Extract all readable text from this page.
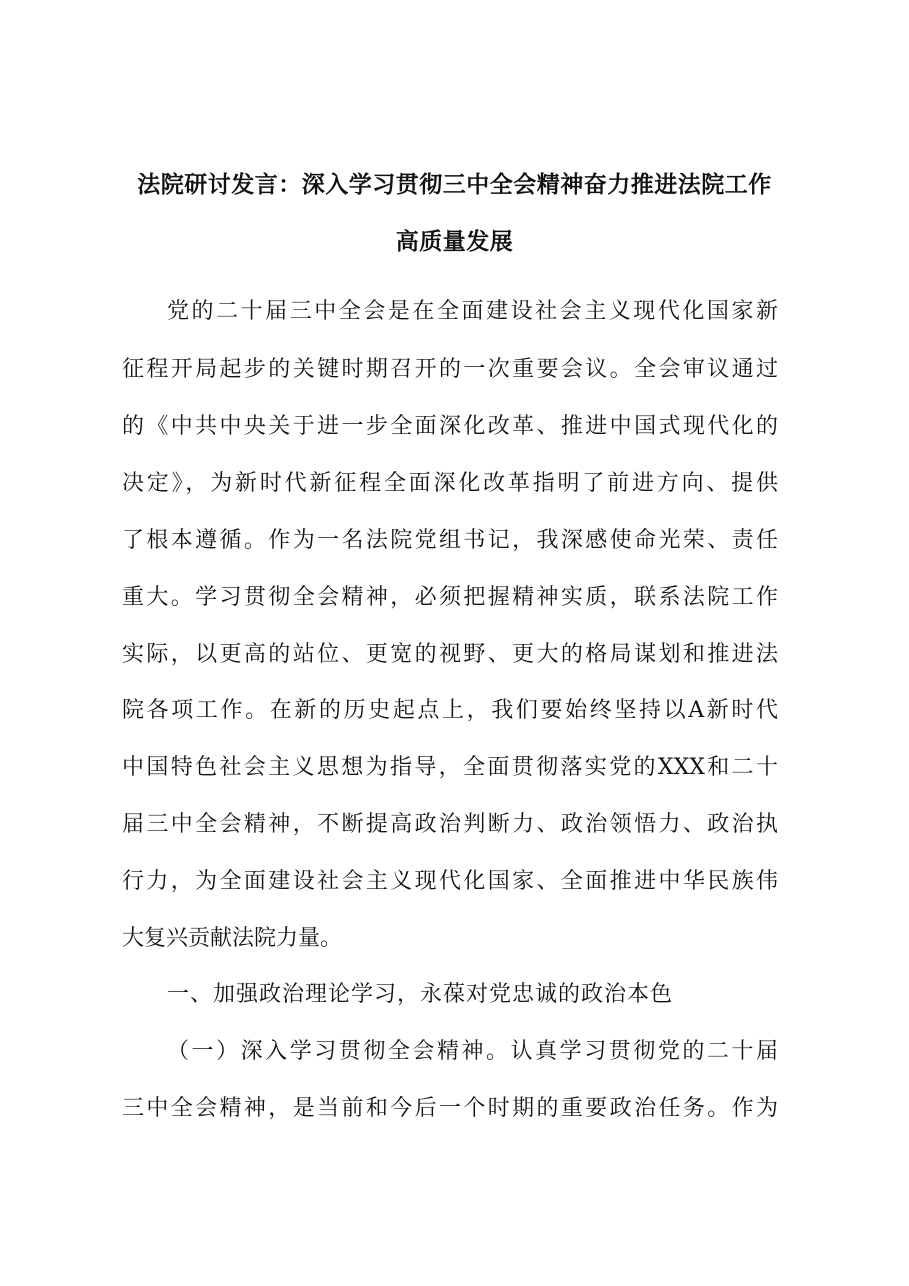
法院研讨发言：深入学习贯彻三中全会精神奋力推进法院工作
高质量发展
党的二十届三中全会是在全面建设社会主义现代化国家新
征程开局起步的关键时期召开的一次重要会议。全会审议通过
的《中共中央关于进一步全面深化改革、推进中国式现代化的
决定》，为新时代新征程全面深化改革指明了前进方向、提供
了根本遵循。作为一名法院党组书记，我深感使命光荣、责任
重大。学习贯彻全会精神，必须把握精神实质，联系法院工作
实际，以更高的站位、更宽的视野、更大的格局谋划和推进法
院各项工作。在新的历史起点上，我们要始终坚持以A新时代
中国特色社会主义思想为指导，全面贯彻落实党的XXX和二十
届三中全会精神，不断提高政治判断力、政治领悟力、政治执
行力，为全面建设社会主义现代化国家、全面推进中华民族伟
大复兴贡献法院力量。
一、加强政治理论学习，永葆对党忠诚的政治本色
（一）深入学习贯彻全会精神。认真学习贯彻党的二十届
三中全会精神，是当前和今后一个时期的重要政治任务。作为
